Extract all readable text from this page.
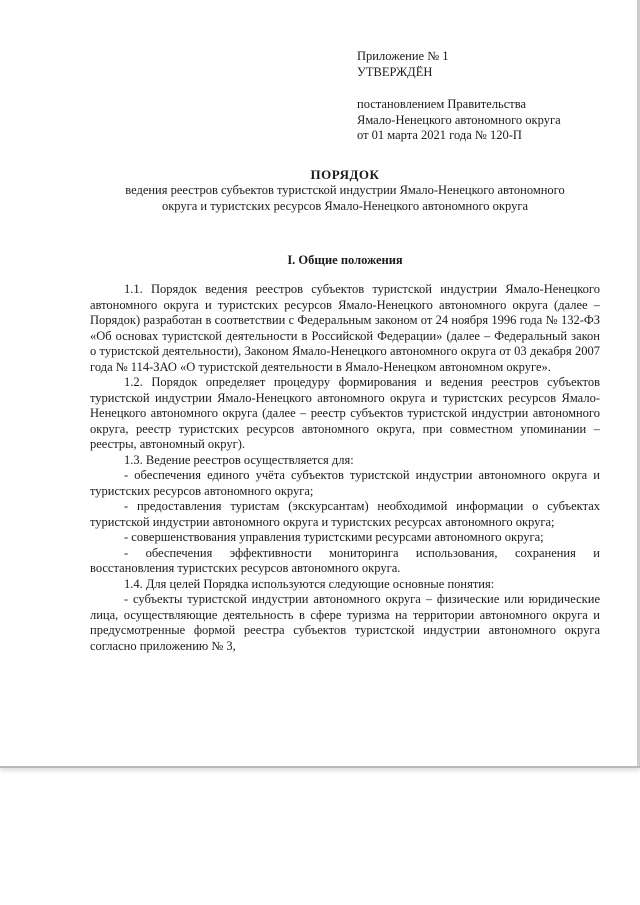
Приложение № 1
УТВЕРЖДЁН
постановлением Правительства
Ямало-Ненецкого автономного округа
от 01 марта 2021 года № 120-П
ПОРЯДОК
ведения реестров субъектов туристской индустрии Ямало-Ненецкого автономного округа и туристских ресурсов Ямало-Ненецкого автономного округа
I. Общие положения

1.1. Порядок ведения реестров субъектов туристской индустрии Ямало-Ненецкого автономного округа и туристских ресурсов Ямало-Ненецкого автономного округа (далее – Порядок) разработан в соответствии с Федеральным законом от 24 ноября 1996 года № 132-ФЗ «Об основах туристской деятельности в Российской Федерации» (далее – Федеральный закон о туристской деятельности), Законом Ямало-Ненецкого автономного округа от 03 декабря 2007 года № 114-ЗАО «О туристской деятельности в Ямало-Ненецком автономном округе».

1.2. Порядок определяет процедуру формирования и ведения реестров субъектов туристской индустрии Ямало-Ненецкого автономного округа и туристских ресурсов Ямало-Ненецкого автономного округа (далее – реестр субъектов туристской индустрии автономного округа, реестр туристских ресурсов автономного округа, при совместном упоминании – реестры, автономный округ).

1.3. Ведение реестров осуществляется для:

- обеспечения единого учёта субъектов туристской индустрии автономного округа и туристских ресурсов автономного округа;

- предоставления туристам (экскурсантам) необходимой информации о субъектах туристской индустрии автономного округа и туристских ресурсах автономного округа;

- совершенствования управления туристскими ресурсами автономного округа;

- обеспечения эффективности мониторинга использования, сохранения и восстановления туристских ресурсов автономного округа.

1.4. Для целей Порядка используются следующие основные понятия:

- субъекты туристской индустрии автономного округа – физические или юридические лица, осуществляющие деятельность в сфере туризма на территории автономного округа и предусмотренные формой реестра субъектов туристской индустрии автономного округа согласно приложению № 3,
